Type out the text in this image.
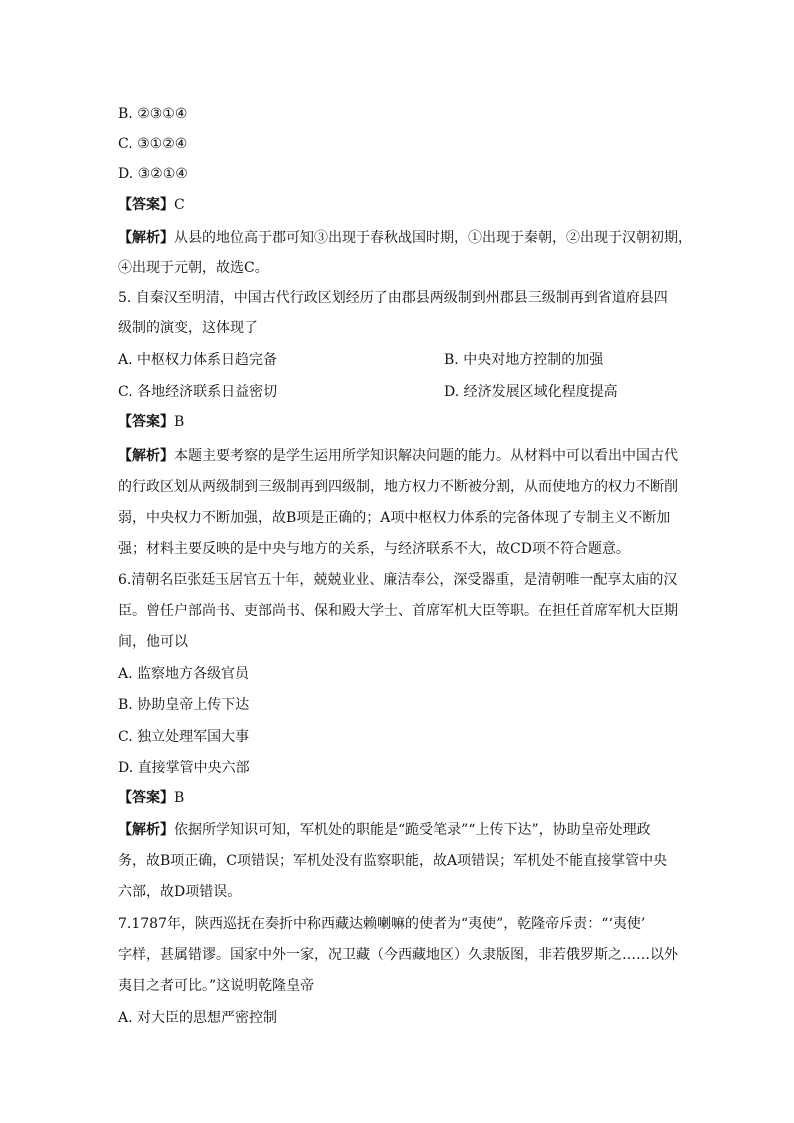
B. ②③①④
C. ③①②④
D. ③②①④
【答案】C
【解析】从县的地位高于郡可知③出现于春秋战国时期，①出现于秦朝，②出现于汉朝初期，
④出现于元朝，故选C。
5. 自秦汉至明清，中国古代行政区划经历了由郡县两级制到州郡县三级制再到省道府县四
级制的演变，这体现了
A. 中枢权力体系日趋完备	B. 中央对地方控制的加强
C. 各地经济联系日益密切	D. 经济发展区域化程度提高
【答案】B
【解析】本题主要考察的是学生运用所学知识解决问题的能力。从材料中可以看出中国古代
的行政区划从两级制到三级制再到四级制，地方权力不断被分割，从而使地方的权力不断削
弱，中央权力不断加强，故B项是正确的；A项中枢权力体系的完备体现了专制主义不断加
强；材料主要反映的是中央与地方的关系，与经济联系不大，故CD项不符合题意。
6.清朝名臣张廷玉居官五十年，兢兢业业、廉洁奉公，深受器重，是清朝唯一配享太庙的汉
臣。曾任户部尚书、吏部尚书、保和殿大学士、首席军机大臣等职。在担任首席军机大臣期
间，他可以
A. 监察地方各级官员
B. 协助皇帝上传下达
C. 独立处理军国大事
D. 直接掌管中央六部
【答案】B
【解析】依据所学知识可知，军机处的职能是“跪受笔录”“上传下达”，协助皇帝处理政
务，故B项正确，C项错误；军机处没有监察职能，故A项错误；军机处不能直接掌管中央
六部，故D项错误。
7.1787年，陕西巡抚在奏折中称西藏达赖喇嘛的使者为“夷使”，乾隆帝斥责：“‘夷使’
字样，甚属错谬。国家中外一家，况卫藏（今西藏地区）久隶版图，非若俄罗斯之……以外
夷目之者可比。”这说明乾隆皇帝
A. 对大臣的思想严密控制
